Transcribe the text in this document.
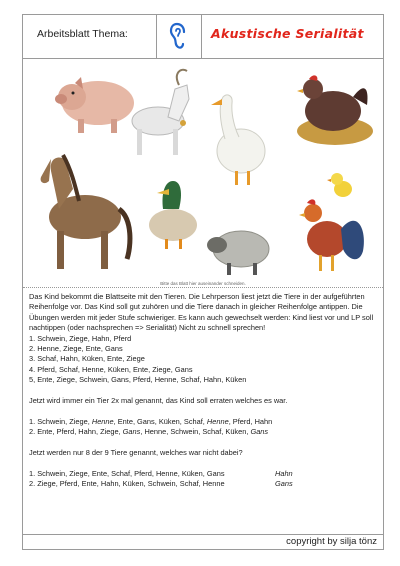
Arbeitsblatt Thema:	Akustische Serialität
Bitte das Blatt hier auseinander schneiden.

Das Kind bekommt die Blattseite mit den Tieren. Die Lehrperson liest jetzt die Tiere in der aufgeführten Reihenfolge vor. Das Kind soll gut zuhören und die Tiere danach in gleicher Reihenfolge antippen. Die Übungen werden mit jeder Stufe schwieriger. Es kann auch gewechselt werden: Kind liest vor und LP soll nachtippen (oder nachsprechen => Serialität) Nicht zu schnell sprechen!

1. Schwein, Ziege, Hahn, Pferd

2. Henne, Ziege, Ente, Gans

3. Schaf, Hahn, Küken, Ente, Ziege

4. Pferd, Schaf, Henne, Küken, Ente, Ziege, Gans

5, Ente, Ziege, Schwein, Gans, Pferd, Henne, Schaf, Hahn, Küken

Jetzt wird immer ein Tier 2x mal genannt, das Kind soll erraten welches es war.

1. Schwein, Ziege, Henne, Ente, Gans, Küken, Schaf, Henne, Pferd, Hahn

2. Ente, Pferd, Hahn, Ziege, Gans, Henne, Schwein, Schaf, Küken, Gans

Jetzt werden nur 8 der 9 Tiere genannt, welches war nicht dabei?

1. Schwein, Ziege, Ente, Schaf, Pferd, Henne, Küken, Gans	Hahn

2. Ziege, Pferd, Ente, Hahn, Küken, Schwein, Schaf, Henne	Gans

copyright by silja tönz
